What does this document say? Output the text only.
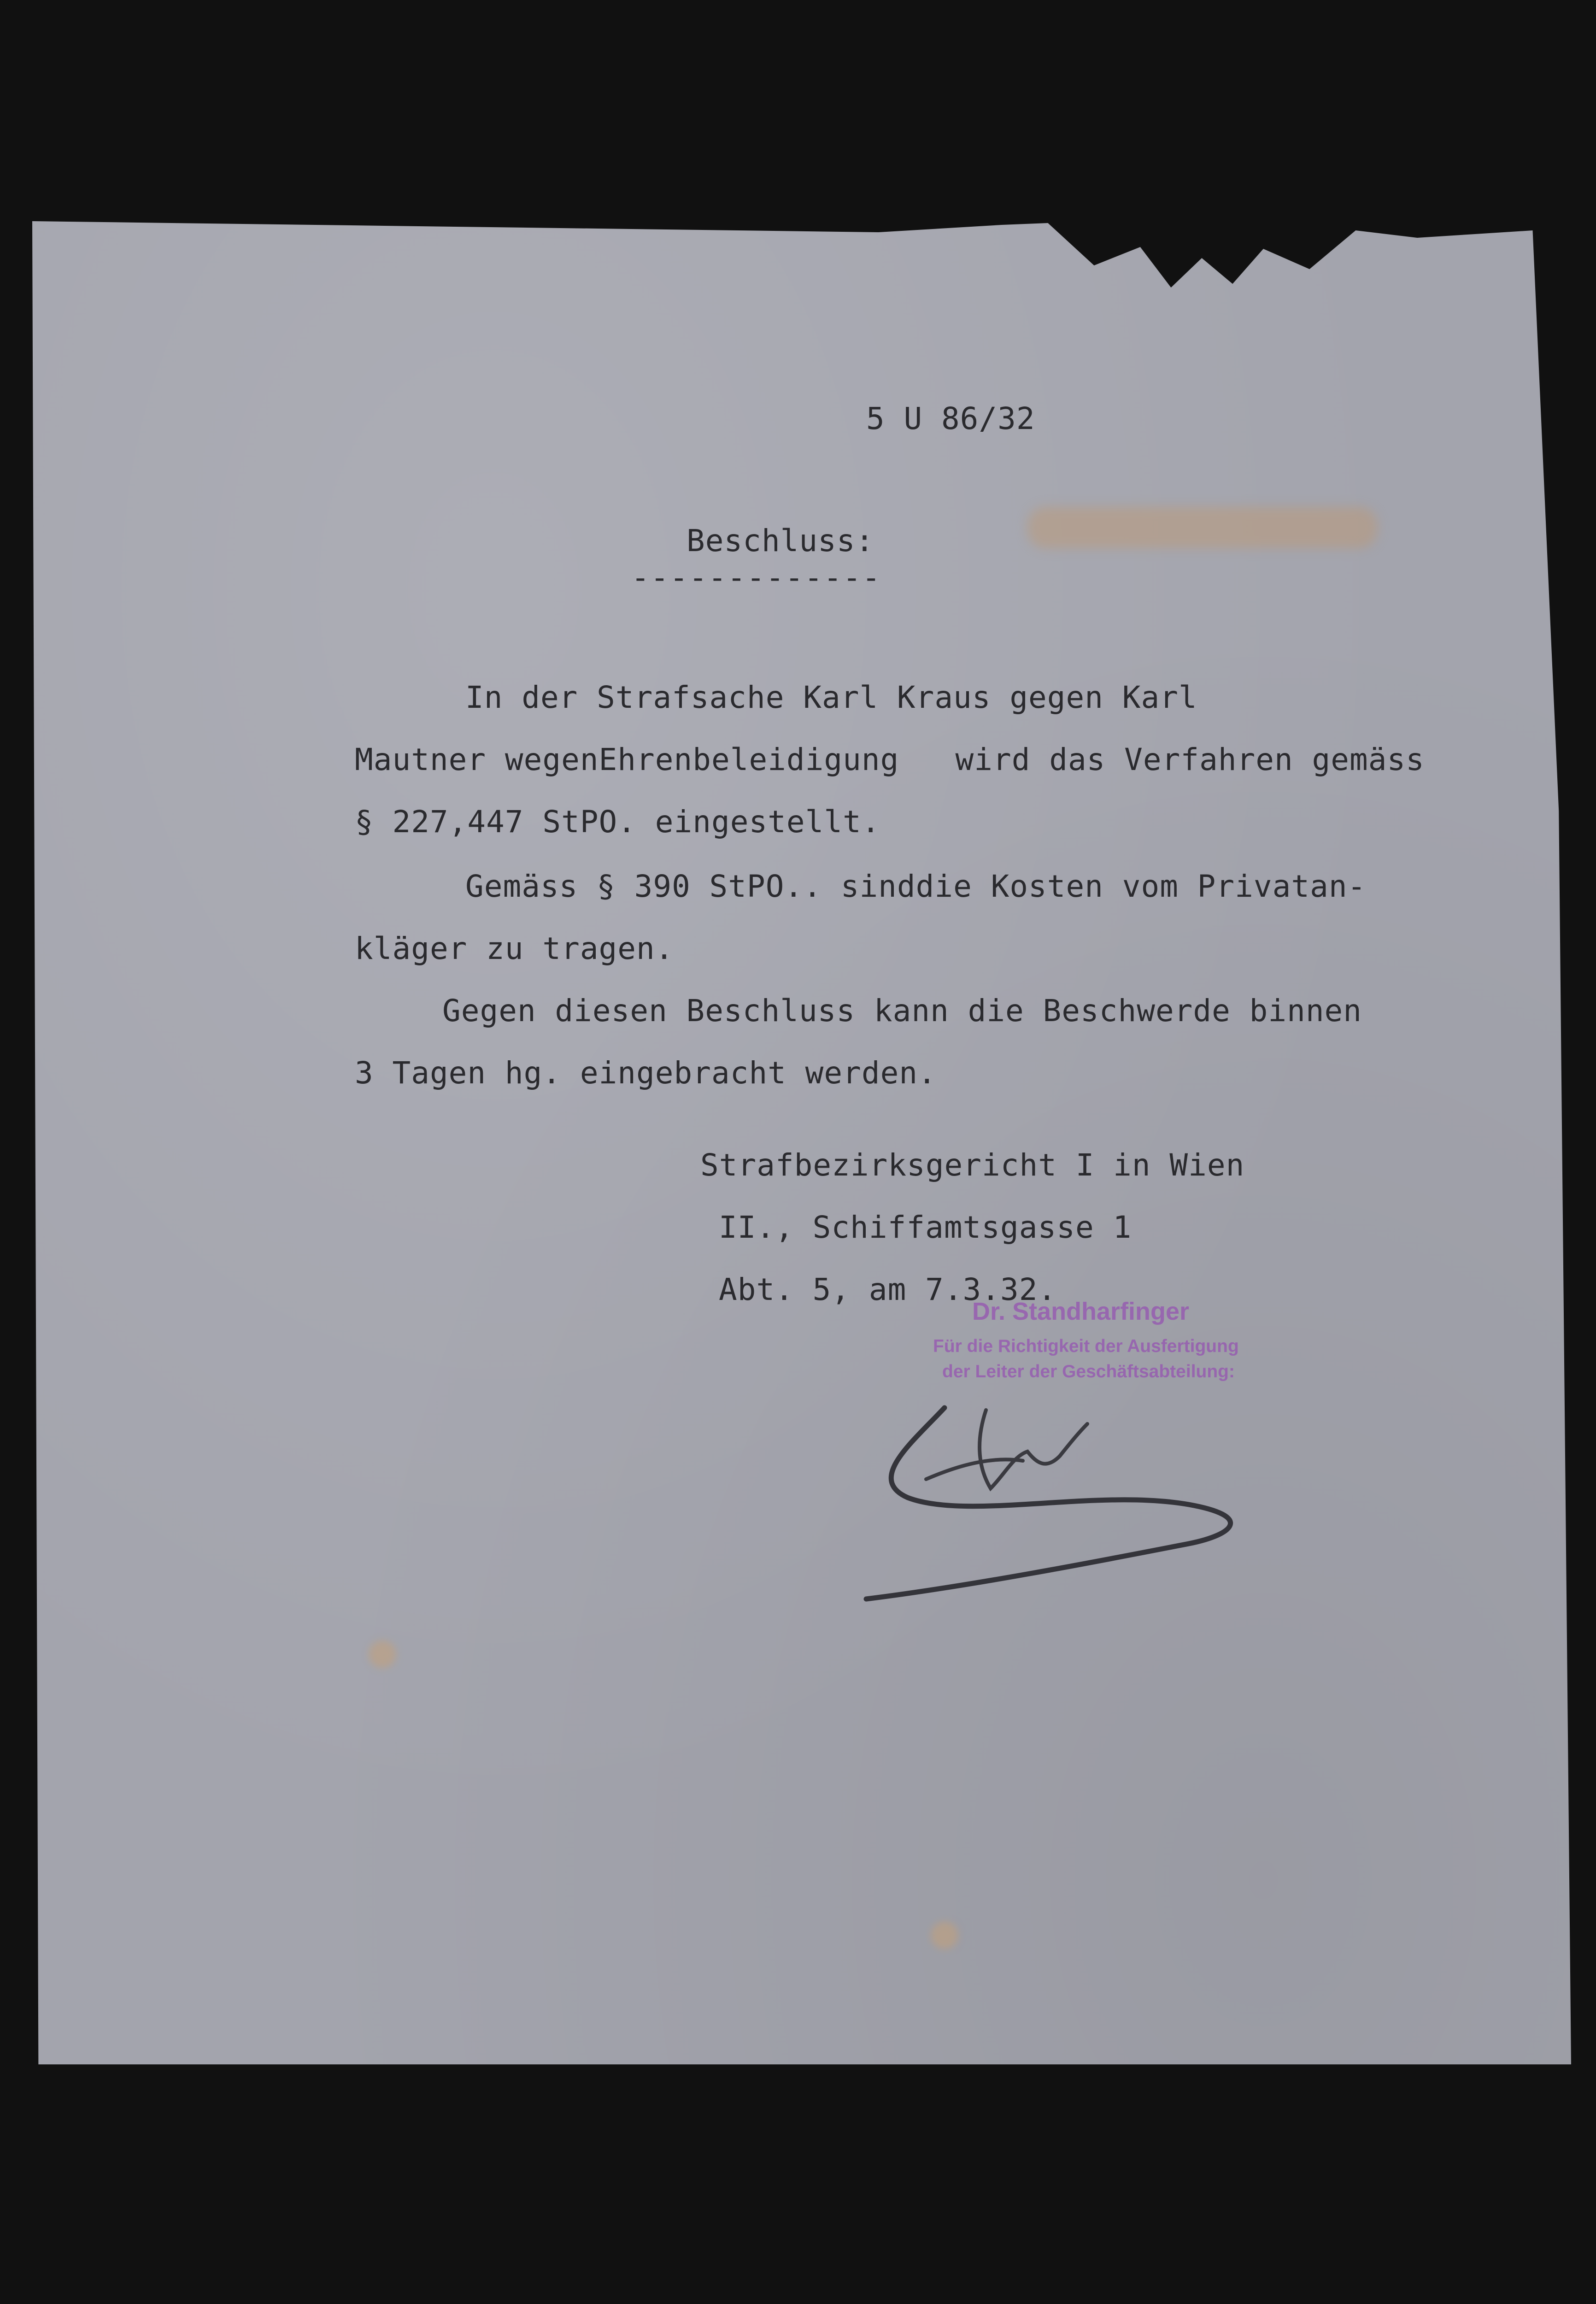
5 U 86/32
Beschluss:
-------------
In der Strafsache Karl Kraus gegen Karl
Mautner wegenEhrenbeleidigung   wird das Verfahren gemäss
§ 227,447 StPO. eingestellt.
Gemäss § 390 StPO.. sinddie Kosten vom Privatan-
kläger zu tragen.
Gegen diesen Beschluss kann die Beschwerde binnen
3 Tagen hg. eingebracht werden.
Strafbezirksgericht I in Wien
II., Schiffamtsgasse 1
Abt. 5, am 7.3.32.
Dr. Standharfinger
Für die Richtigkeit der Ausfertigung
der Leiter der Geschäftsabteilung:
